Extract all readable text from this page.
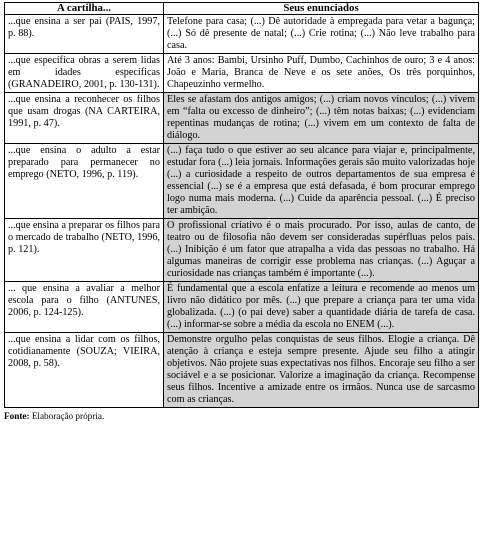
A cartilha...	Seus enunciados
...que ensina a ser pai (PAIS, 1997, p. 88).	Telefone para casa; (...) Dê autoridade à empregada para vetar a bagunça; (...) Só dê presente de natal; (...) Crie rotina; (...) Não leve trabalho para casa.
...que específica obras a serem lidas em idades específicas (GRANADEIRO, 2001, p. 130-131).	Até 3 anos: Bambi, Ursinho Puff, Dumbo, Cachinhos de ouro; 3 e 4 anos: João e Maria, Branca de Neve e os sete anões, Os três porquinhos, Chapeuzinho vermelho.
...que ensina a reconhecer os filhos que usam drogas (NA CARTEIRA, 1991, p. 47).	Eles se afastam dos antigos amigos; (...) criam novos vínculos; (...) vivem em “falta ou excesso de dinheiro”; (...) têm notas baixas; (...) evidenciam repentinas mudanças de rotina; (...) vivem em um contexto de falta de diálogo.
...que ensina o adulto a estar preparado para permanecer no emprego (NETO, 1996, p. 119).	(...) faça tudo o que estiver ao seu alcance para viajar e, principalmente, estudar fora (...) leia jornais. Informações gerais são muito valorizadas hoje (...) a curiosidade a respeito de outros departamentos de sua empresa é essencial (...) se é a empresa que está defasada, é bom procurar emprego logo numa mais moderna. (...) Cuide da aparência pessoal. (...) É preciso ter ambição.
...que ensina a preparar os filhos para o mercado de trabalho (NETO, 1996, p. 121).	O profissional criativo é o mais procurado. Por isso, aulas de canto, de teatro ou de filosofia não devem ser consideradas supérfluas pelos pais. (...) Inibição é um fator que atrapalha a vida das pessoas no trabalho. Há algumas maneiras de corrigir esse problema nas crianças. (...) Aguçar a curiosidade nas crianças também é importante (...).
... que ensina a avaliar a melhor escola para o filho (ANTUNES, 2006, p. 124-125).	É fundamental que a escola enfatize a leitura e recomende ao menos um livro não didático por mês. (...) que prepare a criança para ter uma vida globalizada. (...) (o pai deve) saber a quantidade diária de tarefa de casa. (...) informar-se sobre a média da escola no ENEM (...).
...que ensina a lidar com os filhos, cotidianamente (SOUZA; VIEIRA, 2008, p. 58).	Demonstre orgulho pelas conquistas de seus filhos. Elogie a criança. Dê atenção à criança e esteja sempre presente. Ajude seu filho a atingir objetivos. Não projete suas expectativas nos filhos. Encoraje seu filho a ser sociável e a se posicionar. Valorize a imaginação da criança. Recompense seus filhos. Incentive a amizade entre os irmãos. Nunca use de sarcasmo com as crianças.
Fonte: Elaboração própria.
